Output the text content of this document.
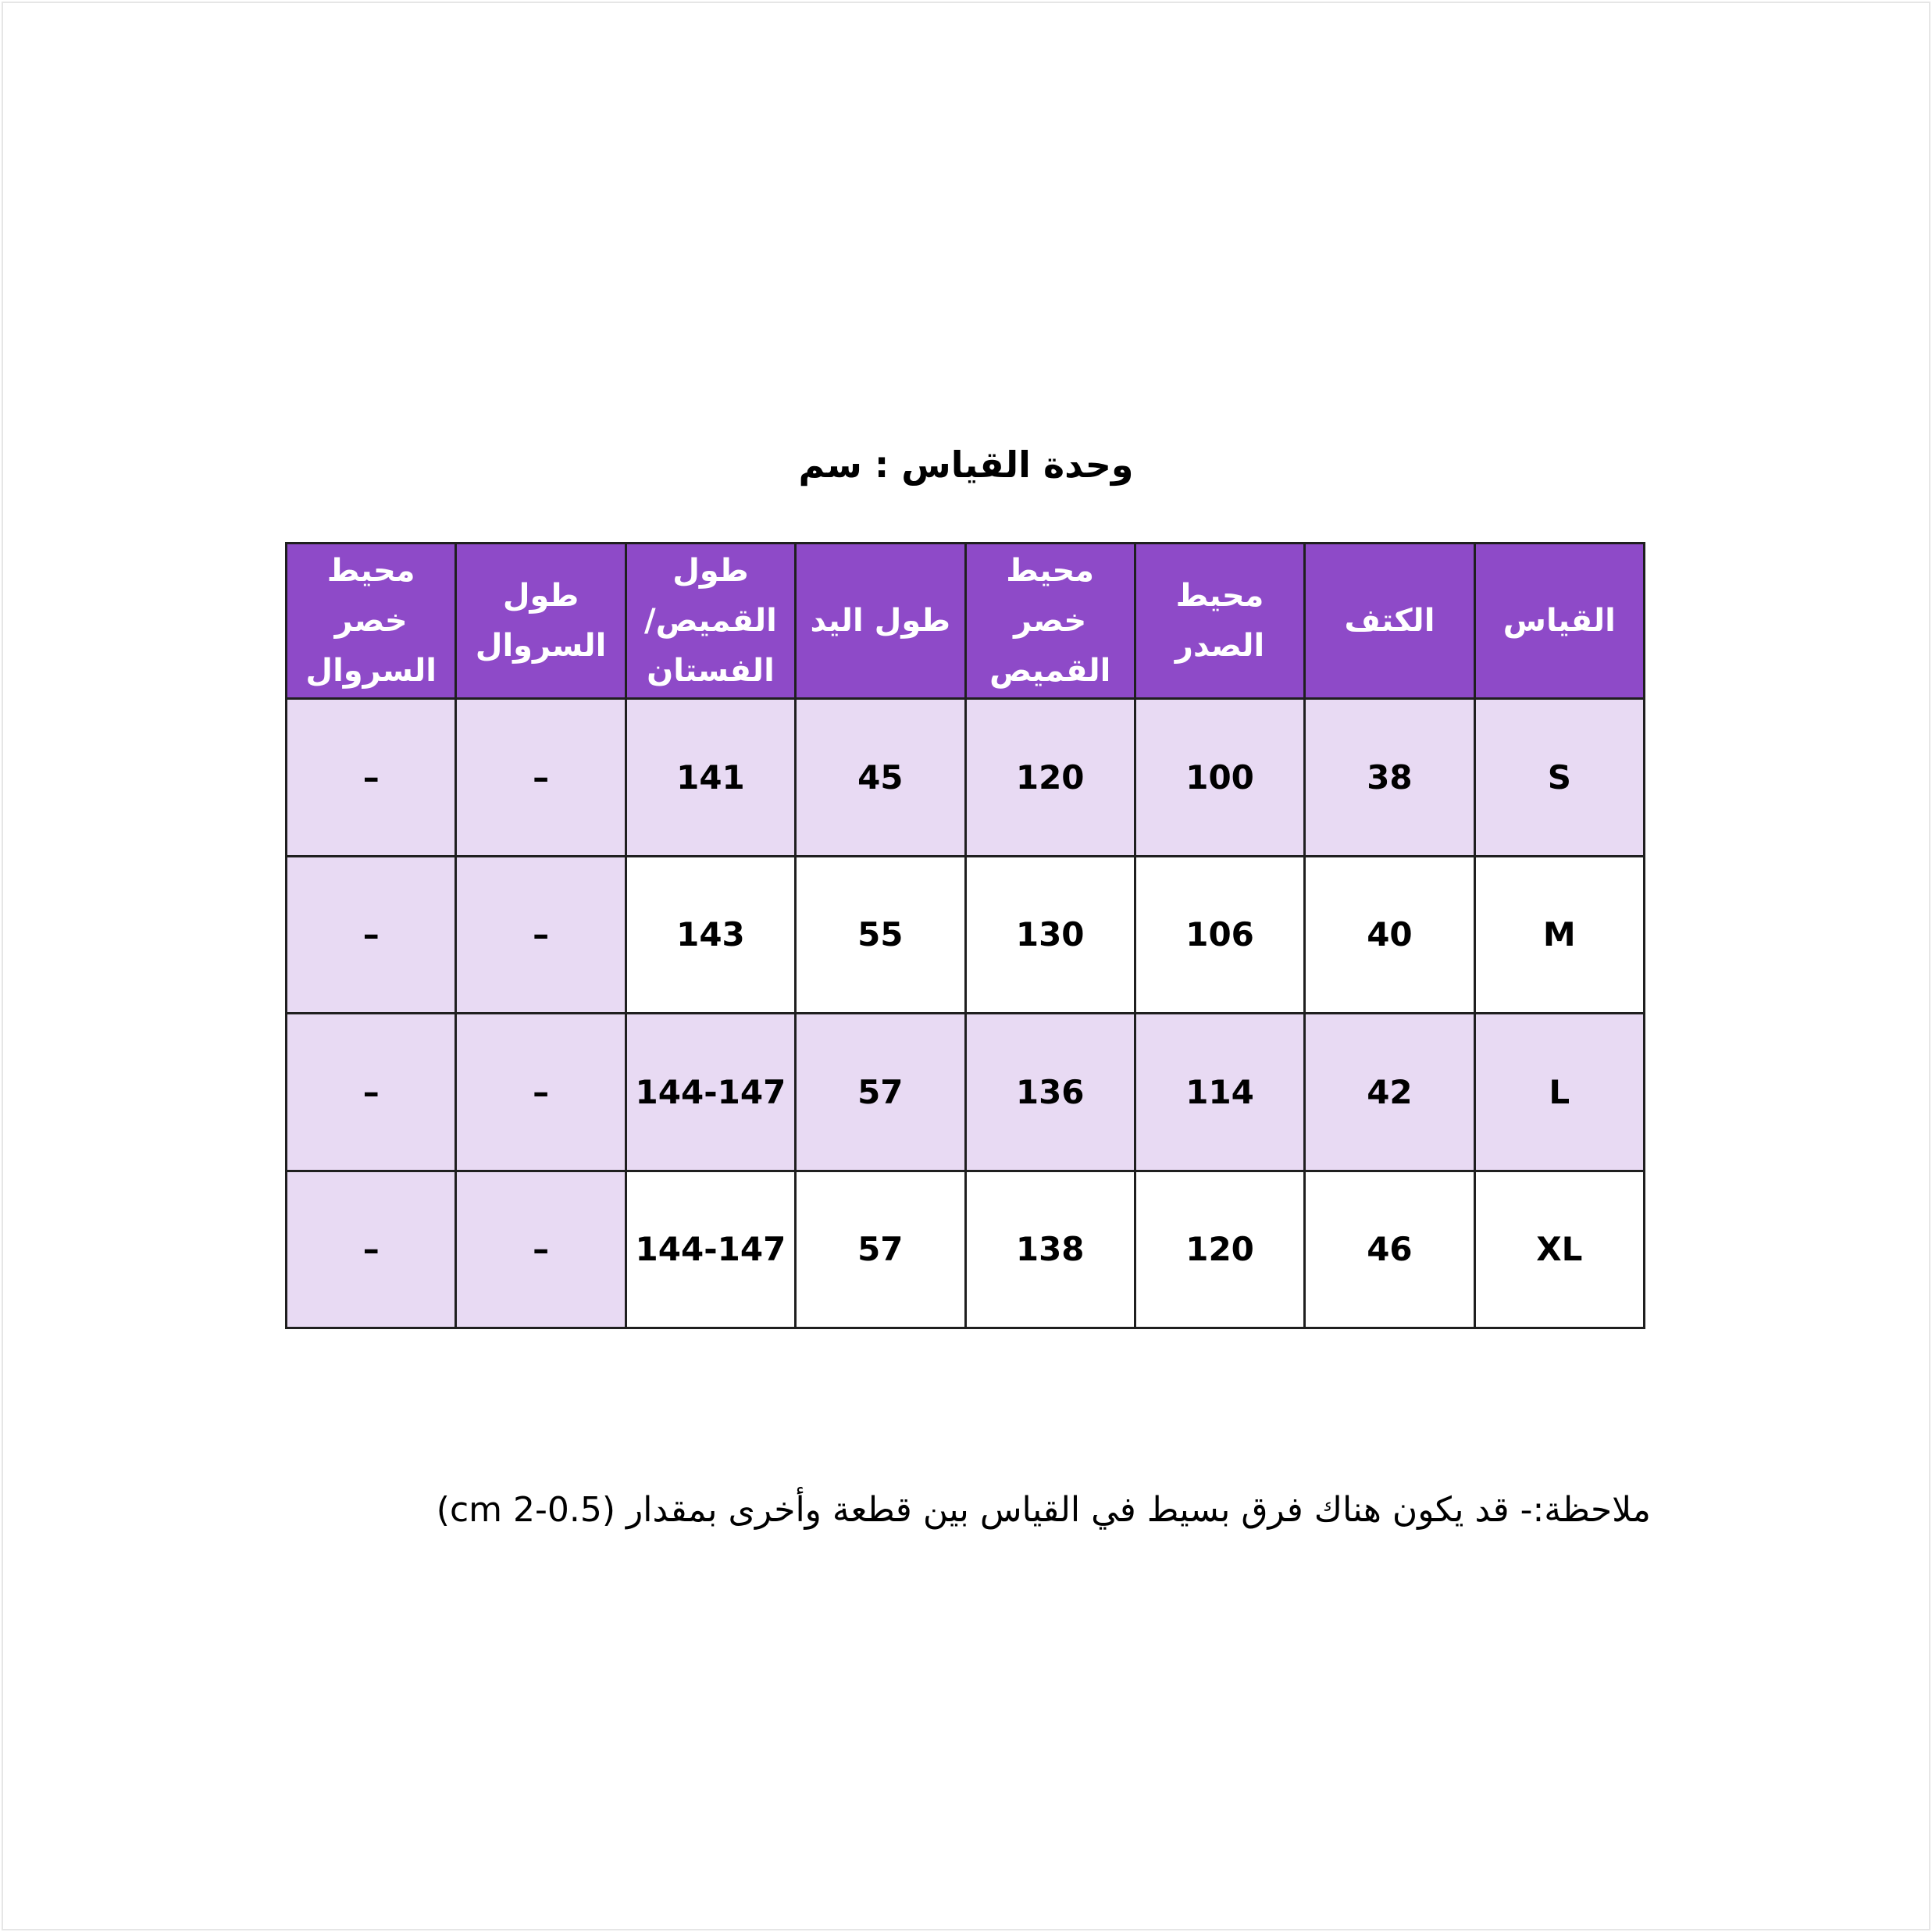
وحدة القياس : سم
القياس	الكتف	محيط الصدر	محيط خصر القميص	طول اليد	طول القميص/ الفستان	طول السروال	محيط خصر السروال
S	38	100	120	45	141	–	–
M	40	106	130	55	143	–	–
L	42	114	136	57	144-147	–	–
XL	46	120	138	57	144-147	–	–
ملاحظة:- قد يكون هناك فرق بسيط في القياس بين قطعة وأخرى بمقدار (0.5-2 cm)
